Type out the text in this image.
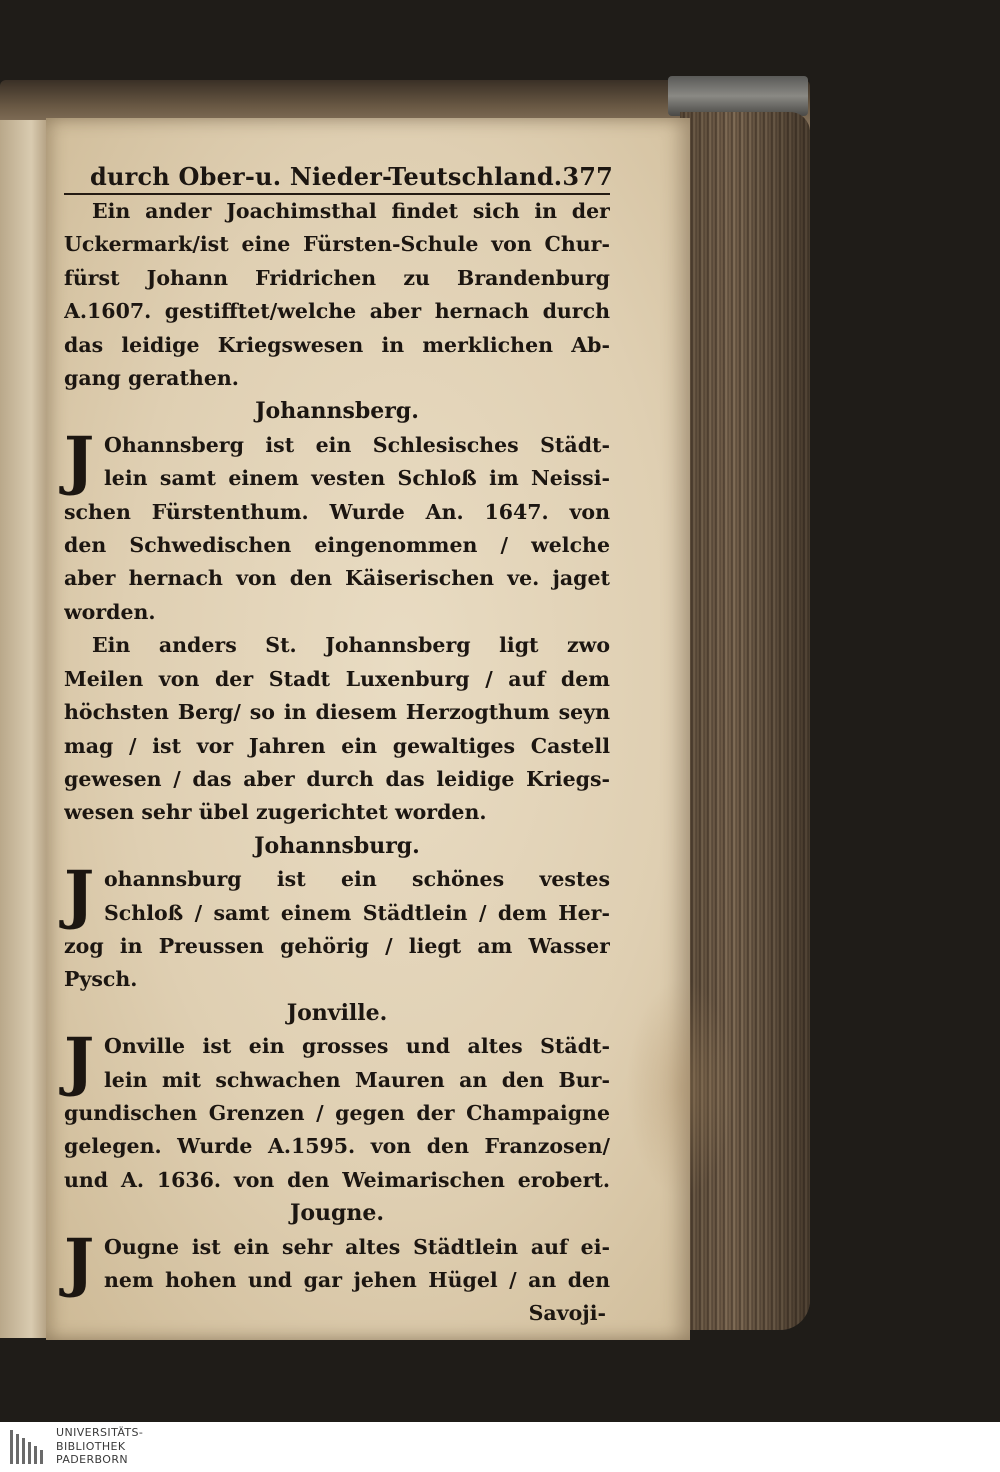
durch Ober-u. Nieder-Teutschland. 377
Ein ander Joachimsthal findet sich in der
Uckermark/ist eine Fürsten-Schule von Chur-
fürst Johann Fridrichen zu Brandenburg
A.1607. gestifftet/welche aber hernach durch
das leidige Kriegswesen in merklichen Ab-
gang gerathen.
Johannsberg.
J Ohannsberg ist ein Schlesisches Städt-
lein samt einem vesten Schloß im Neissi-
schen Fürstenthum. Wurde An. 1647. von
den Schwedischen eingenommen / welche
aber hernach von den Käiserischen ve. jaget
worden.
Ein anders St. Johannsberg ligt zwo
Meilen von der Stadt Luxenburg / auf dem
höchsten Berg/ so in diesem Herzogthum seyn
mag / ist vor Jahren ein gewaltiges Castell
gewesen / das aber durch das leidige Kriegs-
wesen sehr übel zugerichtet worden.
Johannsburg.
J ohannsburg ist ein schönes vestes
Schloß / samt einem Städtlein / dem Her-
zog in Preussen gehörig / liegt am Wasser
Pysch.
Jonville.
J Onville ist ein grosses und altes Städt-
lein mit schwachen Mauren an den Bur-
gundischen Grenzen / gegen der Champaigne
gelegen. Wurde A.1595. von den Franzosen/
und A. 1636. von den Weimarischen erobert.
Jougne.
J Ougne ist ein sehr altes Städtlein auf ei-
nem hohen und gar jehen Hügel / an den
Savoji-
UNIVERSITÄTS-
BIBLIOTHEK
PADERBORN
